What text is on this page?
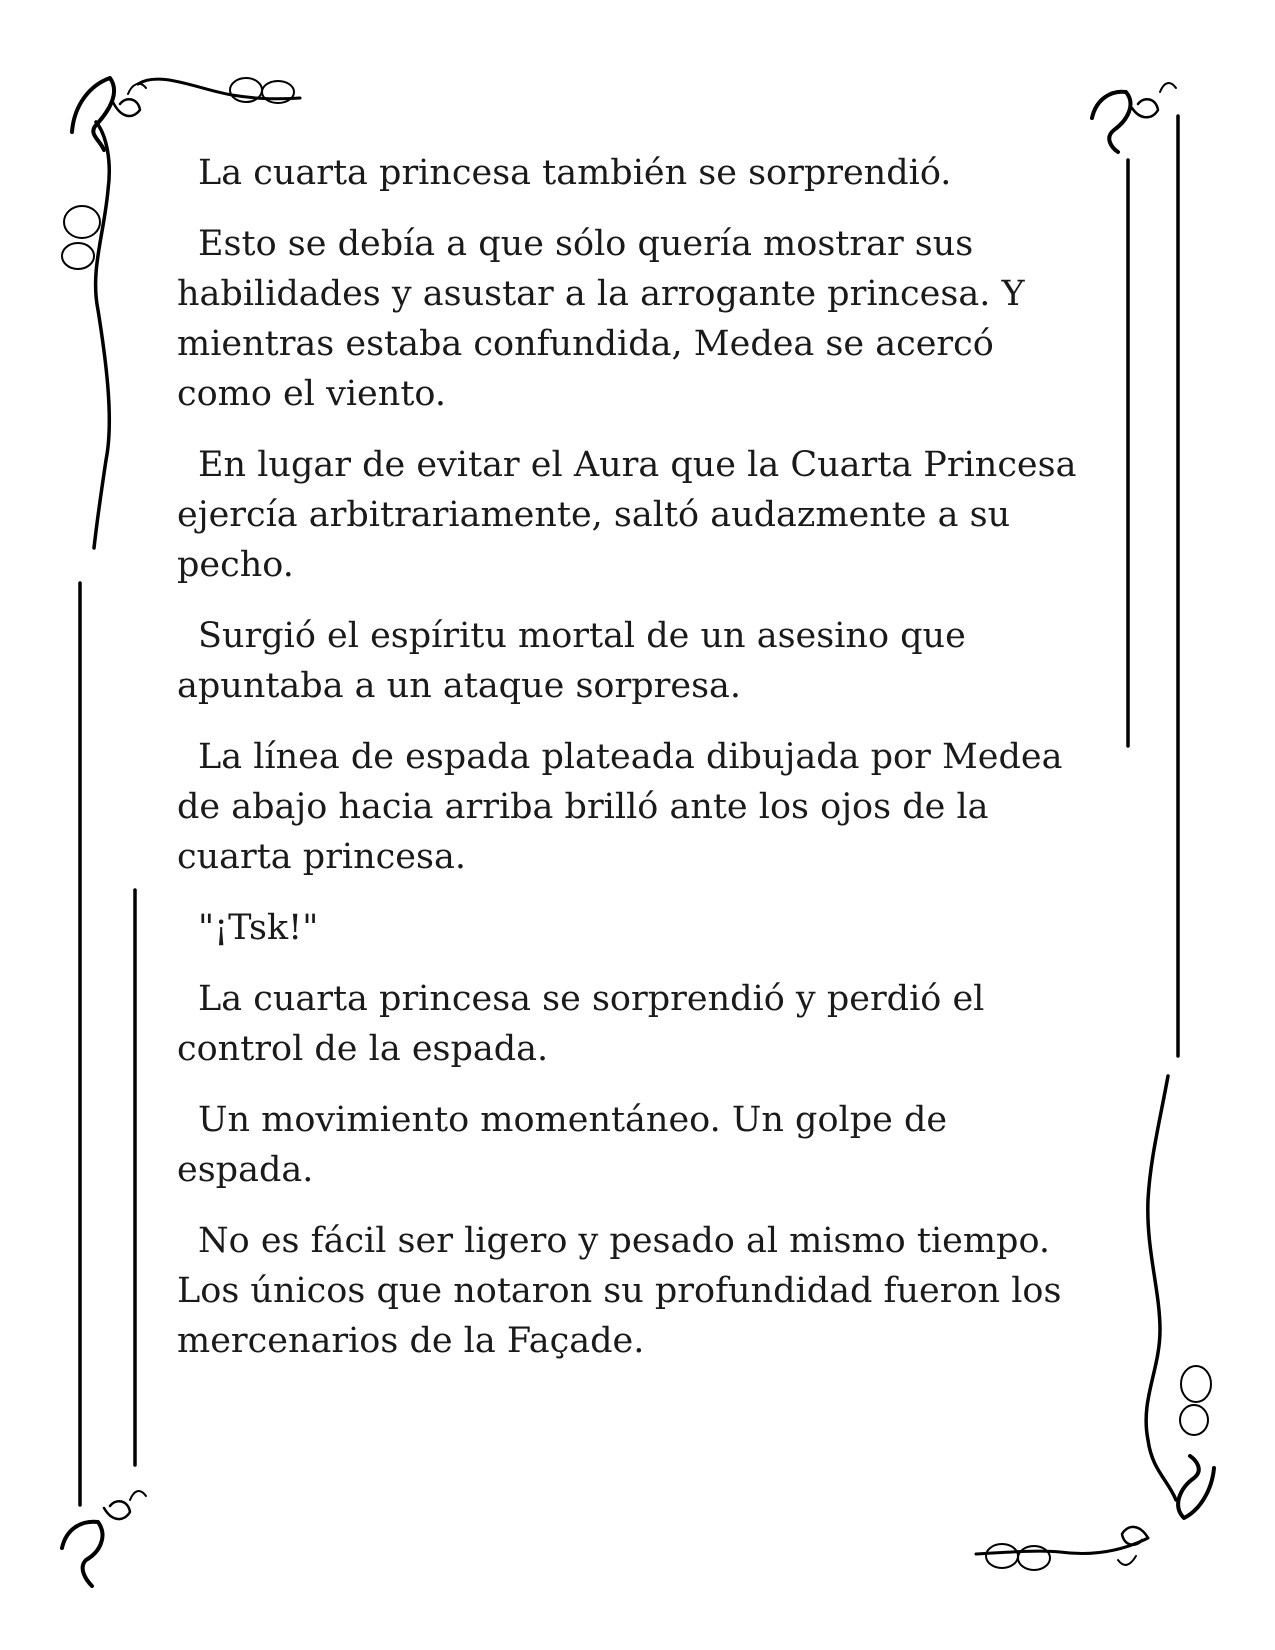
La cuarta princesa también se sorprendió.

Esto se debía a que sólo quería mostrar sus habilidades y asustar a la arrogante princesa. Y mientras estaba confundida, Medea se acercó como el viento.

En lugar de evitar el Aura que la Cuarta Princesa ejercía arbitrariamente, saltó audazmente a su pecho.

Surgió el espíritu mortal de un asesino que apuntaba a un ataque sorpresa.

La línea de espada plateada dibujada por Medea de abajo hacia arriba brilló ante los ojos de la cuarta princesa.

"¡Tsk!"

La cuarta princesa se sorprendió y perdió el control de la espada.

Un movimiento momentáneo. Un golpe de espada.

No es fácil ser ligero y pesado al mismo tiempo. Los únicos que notaron su profundidad fueron los mercenarios de la Façade.
